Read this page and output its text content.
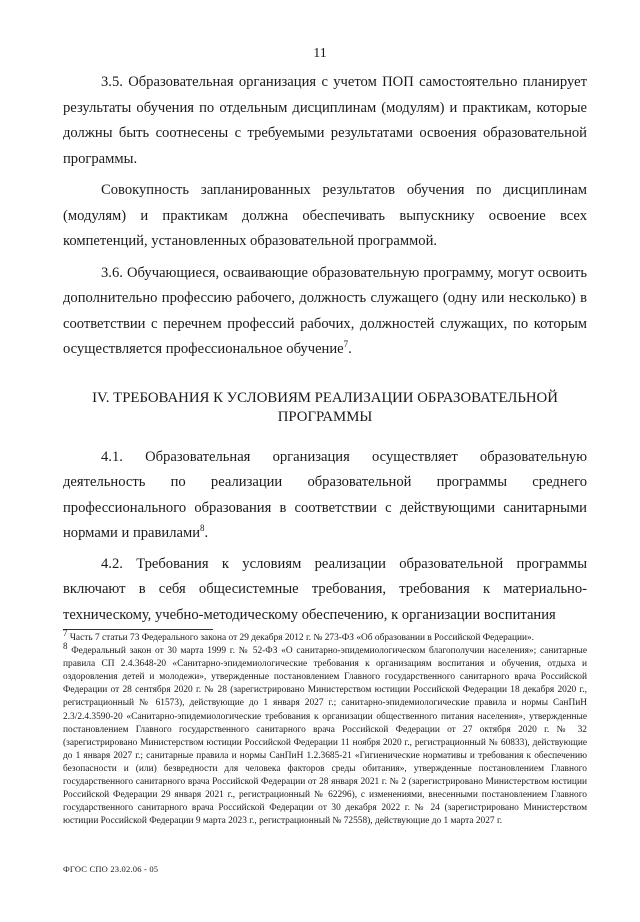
11

3.5. Образовательная организация с учетом ПОП самостоятельно планирует результаты обучения по отдельным дисциплинам (модулям) и практикам, которые должны быть соотнесены с требуемыми результатами освоения образовательной программы.

Совокупность запланированных результатов обучения по дисциплинам (модулям) и практикам должна обеспечивать выпускнику освоение всех компетенций, установленных образовательной программой.

3.6. Обучающиеся, осваивающие образовательную программу, могут освоить дополнительно профессию рабочего, должность служащего (одну или несколько) в соответствии с перечнем профессий рабочих, должностей служащих, по которым осуществляется профессиональное обучение$^7$.

IV. ТРЕБОВАНИЯ К УСЛОВИЯМ РЕАЛИЗАЦИИ ОБРАЗОВАТЕЛЬНОЙ
ПРОГРАММЫ

4.1. Образовательная организация осуществляет образовательную деятельность по реализации образовательной программы среднего профессионального образования в соответствии с действующими санитарными нормами и правилами$^8$.

4.2. Требования к условиям реализации образовательной программы включают в себя общесистемные требования, требования к материально-техническому, учебно-методическому обеспечению, к организации воспитания

$^7$ Часть 7 статьи 73 Федерального закона от 29 декабря 2012 г. № 273-ФЗ «Об образовании в Российской Федерации».

$^8$ Федеральный закон от 30 марта 1999 г. № 52-ФЗ «О санитарно-эпидемиологическом благополучии населения»; санитарные правила СП 2.4.3648-20 «Санитарно-эпидемиологические требования к организациям воспитания и обучения, отдыха и оздоровления детей и молодежи», утвержденные постановлением Главного государственного санитарного врача Российской Федерации от 28 сентября 2020 г. № 28 (зарегистрировано Министерством юстиции Российской Федерации 18 декабря 2020 г., регистрационный № 61573), действующие до 1 января 2027 г.; санитарно-эпидемиологические правила и нормы СанПиН 2.3/2.4.3590-20 «Санитарно-эпидемиологические требования к организации общественного питания населения», утвержденные постановлением Главного государственного санитарного врача Российской Федерации от 27 октября 2020 г. № 32 (зарегистрировано Министерством юстиции Российской Федерации 11 ноября 2020 г., регистрационный № 60833), действующие до 1 января 2027 г.; санитарные правила и нормы СанПиН 1.2.3685-21 «Гигиенические нормативы и требования к обеспечению безопасности и (или) безвредности для человека факторов среды обитания», утвержденные постановлением Главного государственного санитарного врача Российской Федерации от 28 января 2021 г. № 2 (зарегистрировано Министерством юстиции Российской Федерации 29 января 2021 г., регистрационный № 62296), с изменениями, внесенными постановлением Главного государственного санитарного врача Российской Федерации от 30 декабря 2022 г. № 24 (зарегистрировано Министерством юстиции Российской Федерации 9 марта 2023 г., регистрационный № 72558), действующие до 1 марта 2027 г.

ФГОС СПО 23.02.06 - 05
